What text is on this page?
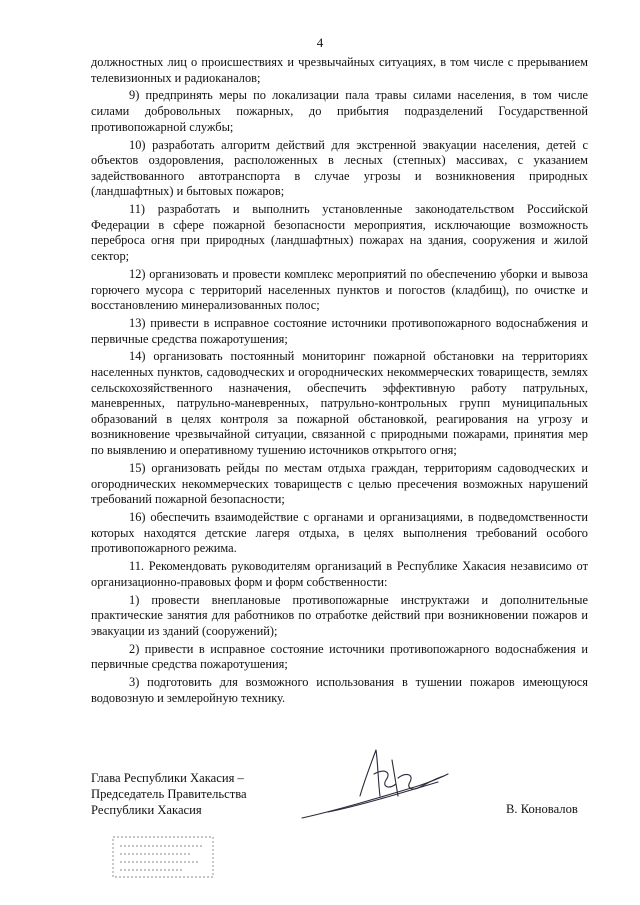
4

должностных лиц о происшествиях и чрезвычайных ситуациях, в том числе с прерыванием телевизионных и радиоканалов;

9) предпринять меры по локализации пала травы силами населения, в том числе силами добровольных пожарных, до прибытия подразделений Государственной противопожарной службы;

10) разработать алгоритм действий для экстренной эвакуации населения, детей с объектов оздоровления, расположенных в лесных (степных) массивах, с указанием задействованного автотранспорта в случае угрозы и возникновения природных (ландшафтных) и бытовых пожаров;

11) разработать и выполнить установленные законодательством Российской Федерации в сфере пожарной безопасности мероприятия, исключающие возможность переброса огня при природных (ландшафтных) пожарах на здания, сооружения и жилой сектор;

12) организовать и провести комплекс мероприятий по обеспечению уборки и вывоза горючего мусора с территорий населенных пунктов и погостов (кладбищ), по очистке и восстановлению минерализованных полос;

13) привести в исправное состояние источники противопожарного водоснабжения и первичные средства пожаротушения;

14) организовать постоянный мониторинг пожарной обстановки на территориях населенных пунктов, садоводческих и огороднических некоммерческих товариществ, землях сельскохозяйственного назначения, обеспечить эффективную работу патрульных, маневренных, патрульно-маневренных, патрульно-контрольных групп муниципальных образований в целях контроля за пожарной обстановкой, реагирования на угрозу и возникновение чрезвычайной ситуации, связанной с природными пожарами, принятия мер по выявлению и оперативному тушению источников открытого огня;

15) организовать рейды по местам отдыха граждан, территориям садоводческих и огороднических некоммерческих товариществ с целью пресечения возможных нарушений требований пожарной безопасности;

16) обеспечить взаимодействие с органами и организациями, в подведомственности которых находятся детские лагеря отдыха, в целях выполнения требований особого противопожарного режима.

11. Рекомендовать руководителям организаций в Республике Хакасия независимо от организационно-правовых форм и форм собственности:

1) провести внеплановые противопожарные инструктажи и дополнительные практические занятия для работников по отработке действий при возникновении пожаров и эвакуации из зданий (сооружений);

2) привести в исправное состояние источники противопожарного водоснабжения и первичные средства пожаротушения;

3) подготовить для возможного использования в тушении пожаров имеющуюся водовозную и землеройную технику.

Глава Республики Хакасия –
Председатель Правительства
Республики Хакасия	В. Коновалов
